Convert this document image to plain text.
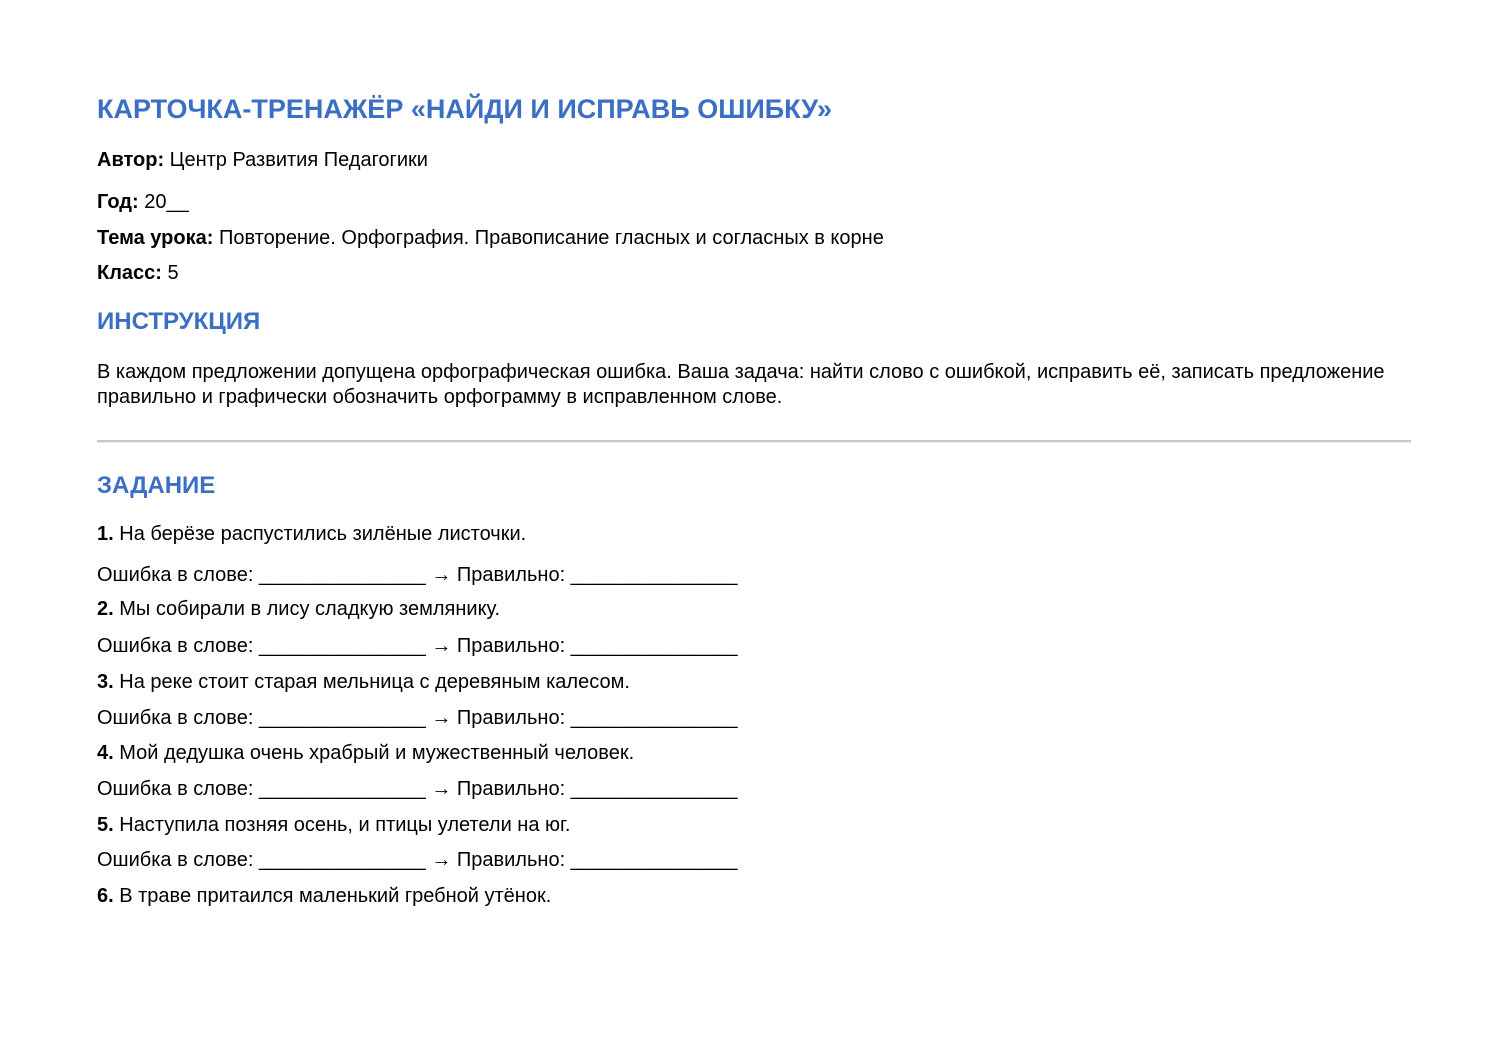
КАРТОЧКА-ТРЕНАЖЁР «НАЙДИ И ИСПРАВЬ ОШИБКУ»
Автор: Центр Развития Педагогики
Год: 20__
Тема урока: Повторение. Орфография. Правописание гласных и согласных в корне
Класс: 5
ИНСТРУКЦИЯ
В каждом предложении допущена орфографическая ошибка. Ваша задача: найти слово с ошибкой, исправить её, записать предложение правильно и графически обозначить орфограмму в исправленном слове.
ЗАДАНИЕ
1. На берёзе распустились зилёные листочки.
Ошибка в слове: _______________ → Правильно: _______________
2. Мы собирали в лису сладкую землянику.
Ошибка в слове: _______________ → Правильно: _______________
3. На реке стоит старая мельница с деревяным калесом.
Ошибка в слове: _______________ → Правильно: _______________
4. Мой дедушка очень храбрый и мужественный человек.
Ошибка в слове: _______________ → Правильно: _______________
5. Наступила позняя осень, и птицы улетели на юг.
Ошибка в слове: _______________ → Правильно: _______________
6. В траве притаился маленький гребной утёнок.
